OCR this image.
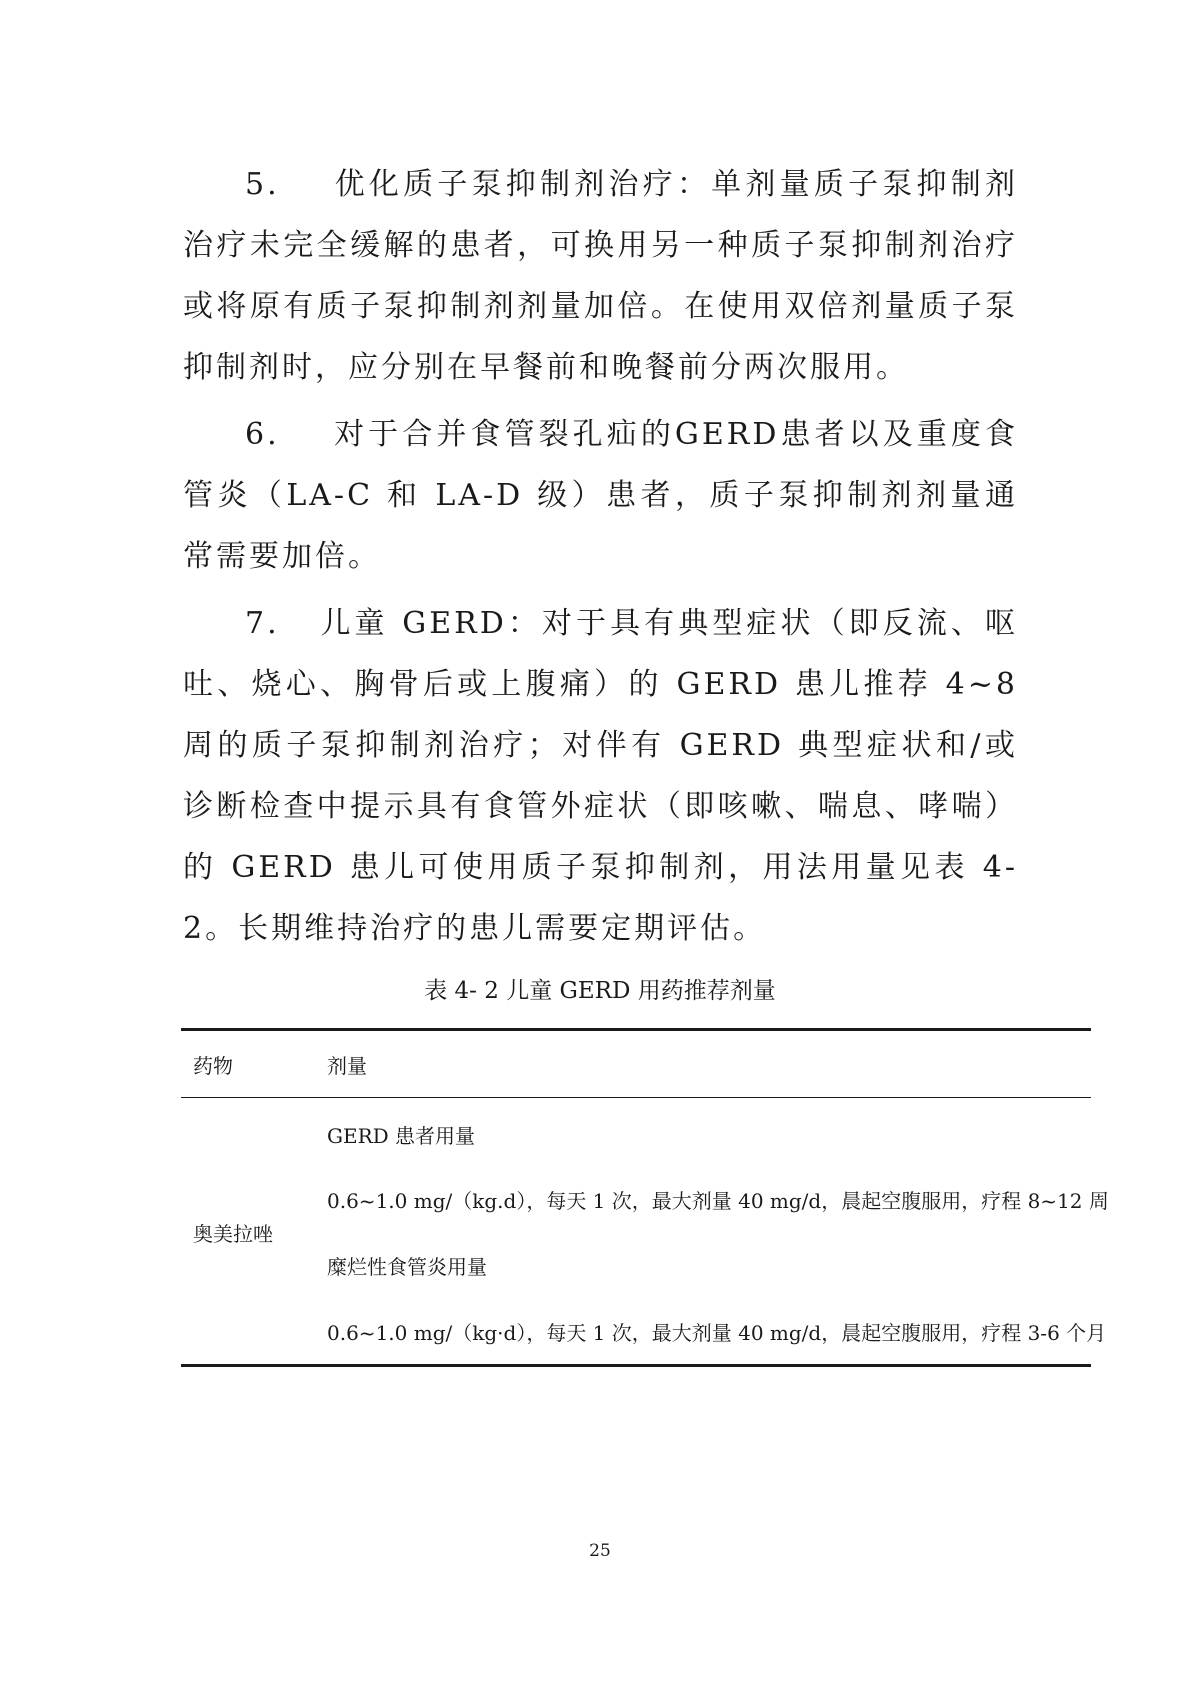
5.    优化质子泵抑制剂治疗：单剂量质子泵抑制剂治疗未完全缓解的患者，可换用另一种质子泵抑制剂治疗或将原有质子泵抑制剂剂量加倍。在使用双倍剂量质子泵抑制剂时，应分别在早餐前和晚餐前分两次服用。

6.    对于合并食管裂孔疝的GERD患者以及重度食管炎（LA-C 和 LA-D 级）患者，质子泵抑制剂剂量通常需要加倍。

7.   儿童 GERD：对于具有典型症状（即反流、呕吐、烧心、胸骨后或上腹痛）的 GERD 患儿推荐 4~8 周的质子泵抑制剂治疗；对伴有 GERD 典型症状和/或诊断检查中提示具有食管外症状（即咳嗽、喘息、哮喘）的 GERD 患儿可使用质子泵抑制剂，用法用量见表 4- 2。长期维持治疗的患儿需要定期评估。

表 4- 2 儿童 GERD 用药推荐剂量
药物	剂量
奥美拉唑
GERD 患者用量
0.6~1.0 mg/（kg.d），每天 1 次，最大剂量 40 mg/d，晨起空腹服用，疗程 8~12 周
糜烂性食管炎用量
0.6~1.0 mg/（kg·d），每天 1 次，最大剂量 40 mg/d，晨起空腹服用，疗程 3-6 个月
25
